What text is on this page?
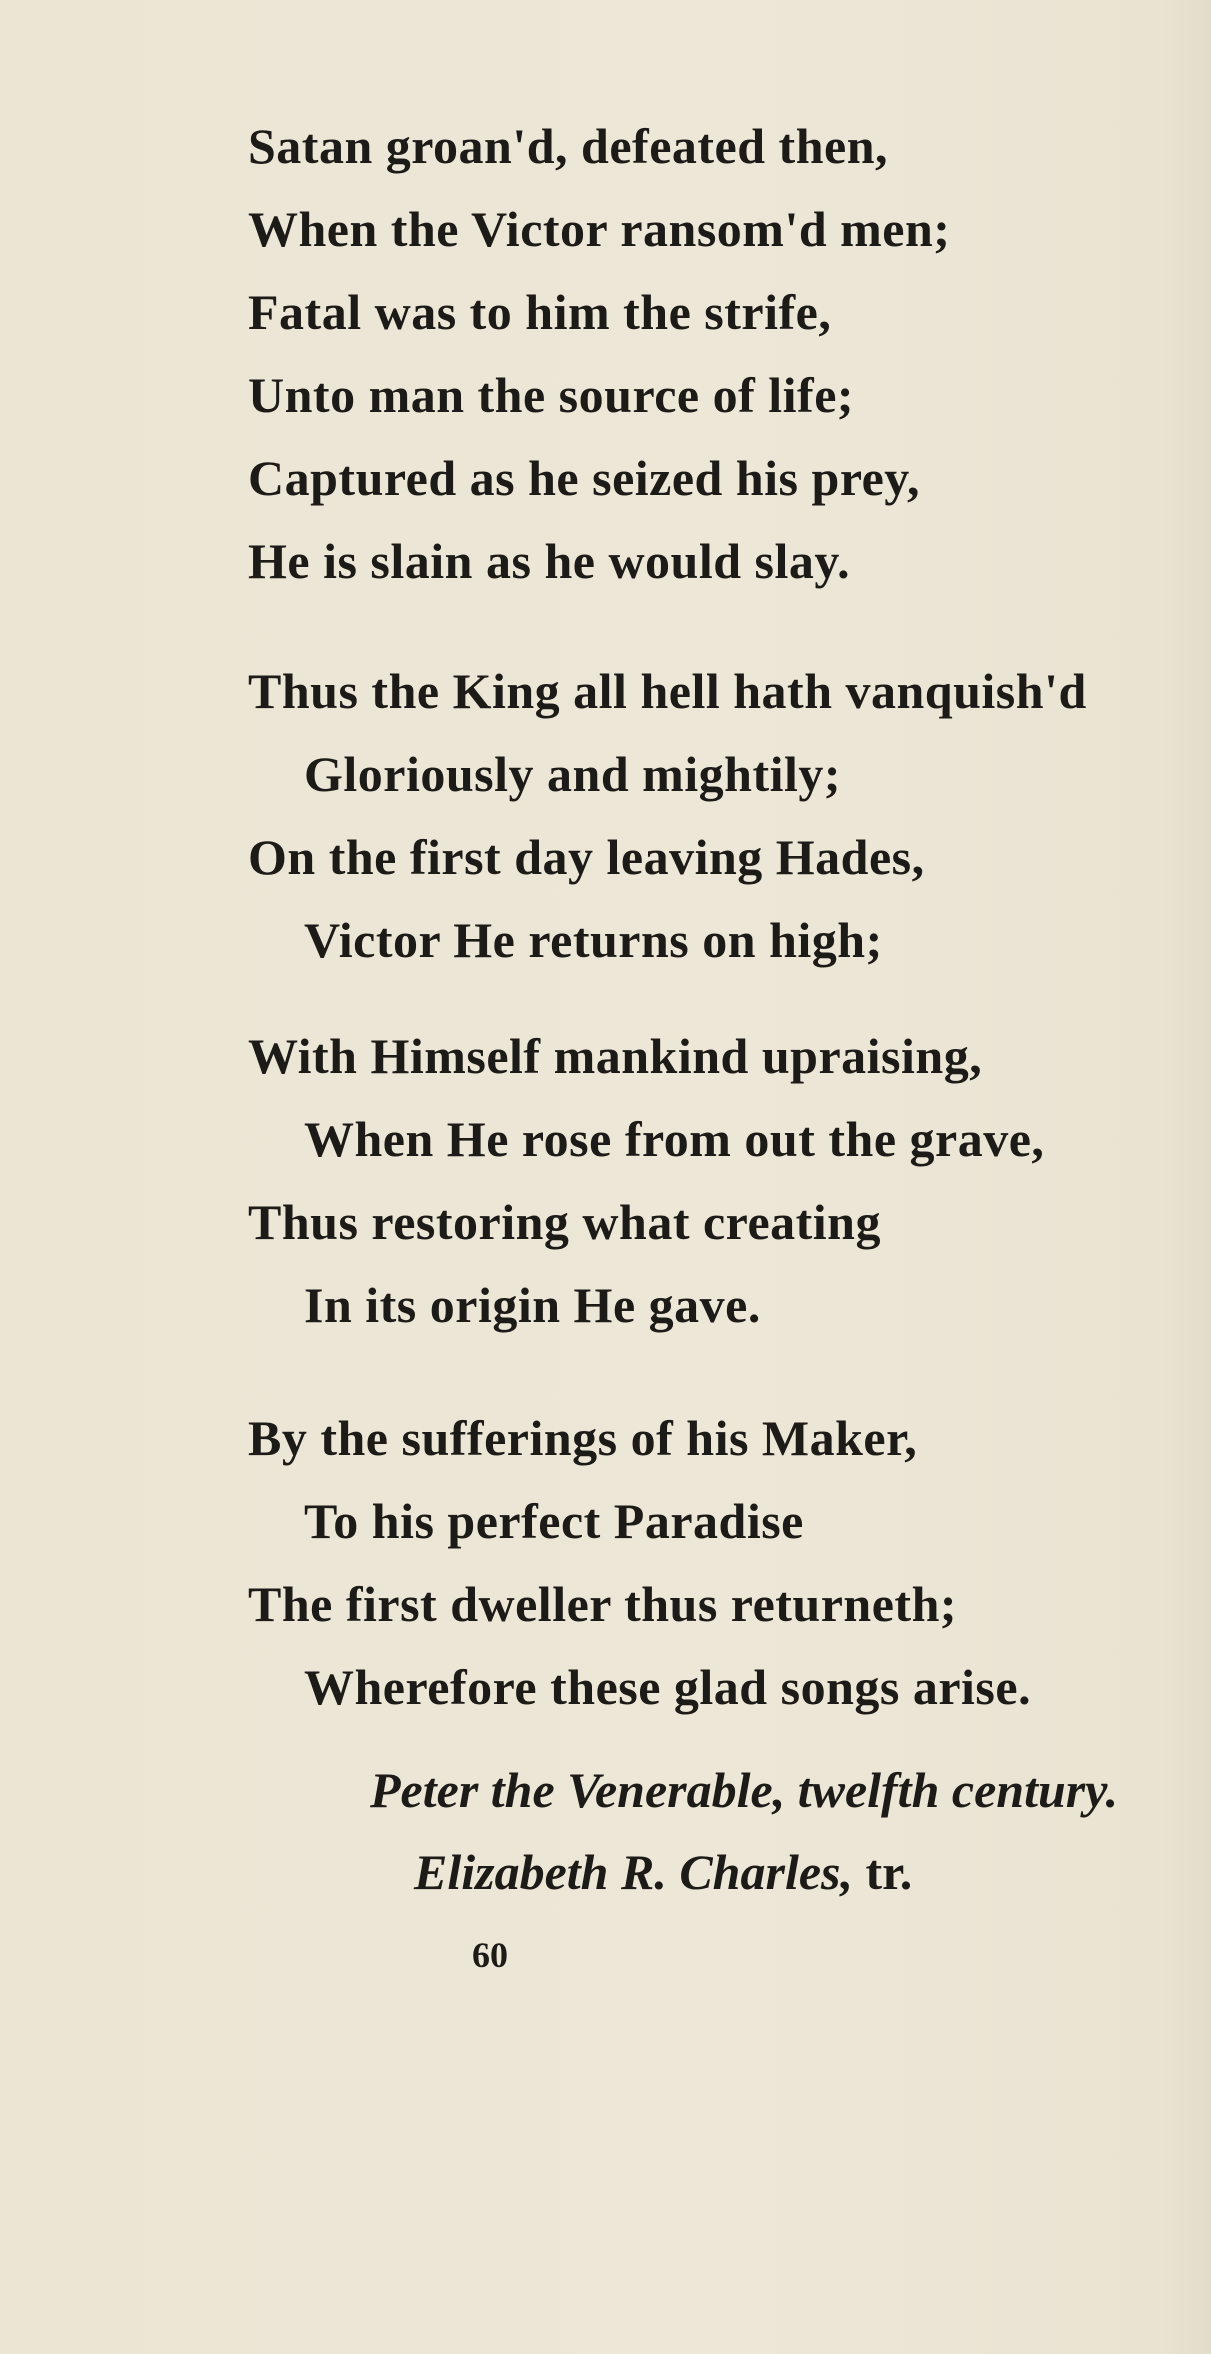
Satan groan'd, defeated then,
When the Victor ransom'd men;
Fatal was to him the strife,
Unto man the source of life;
Captured as he seized his prey,
He is slain as he would slay.
Thus the King all hell hath vanquish'd
Gloriously and mightily;
On the first day leaving Hades,
Victor He returns on high;
With Himself mankind upraising,
When He rose from out the grave,
Thus restoring what creating
In its origin He gave.
By the sufferings of his Maker,
To his perfect Paradise
The first dweller thus returneth;
Wherefore these glad songs arise.

Peter the Venerable, twelfth century.

Elizabeth R. Charles, tr.

60
